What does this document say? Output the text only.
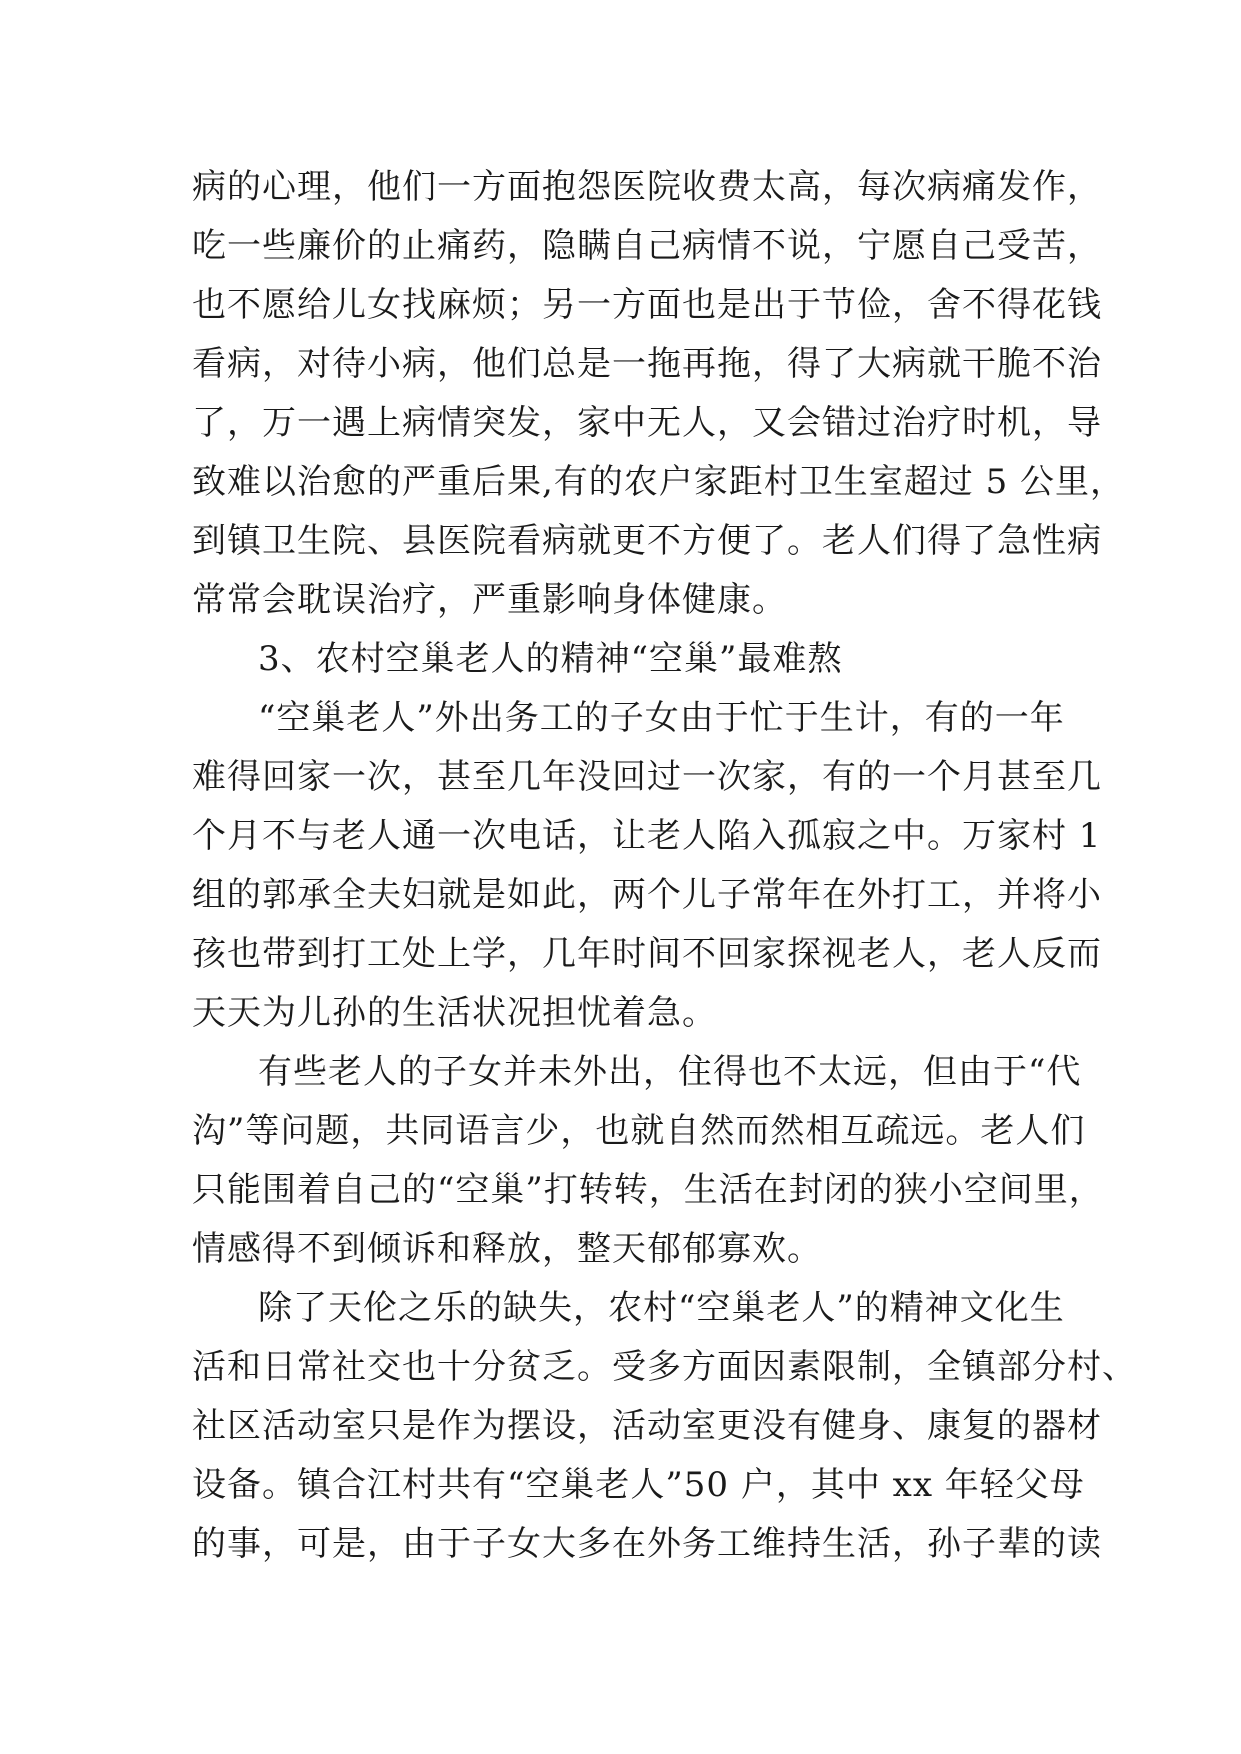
病的心理，他们一方面抱怨医院收费太高，每次病痛发作，
吃一些廉价的止痛药，隐瞒自己病情不说，宁愿自己受苦，
也不愿给儿女找麻烦；另一方面也是出于节俭，舍不得花钱
看病，对待小病，他们总是一拖再拖，得了大病就干脆不治
了，万一遇上病情突发，家中无人，又会错过治疗时机，导
致难以治愈的严重后果,有的农户家距村卫生室超过 5 公里，
到镇卫生院、县医院看病就更不方便了。老人们得了急性病
常常会耽误治疗，严重影响身体健康。
3、农村空巢老人的精神“空巢”最难熬
“空巢老人”外出务工的子女由于忙于生计，有的一年
难得回家一次，甚至几年没回过一次家，有的一个月甚至几
个月不与老人通一次电话，让老人陷入孤寂之中。万家村 1
组的郭承全夫妇就是如此，两个儿子常年在外打工，并将小
孩也带到打工处上学，几年时间不回家探视老人，老人反而
天天为儿孙的生活状况担忧着急。
有些老人的子女并未外出，住得也不太远，但由于“代
沟”等问题，共同语言少，也就自然而然相互疏远。老人们
只能围着自己的“空巢”打转转，生活在封闭的狭小空间里，
情感得不到倾诉和释放，整天郁郁寡欢。
除了天伦之乐的缺失，农村“空巢老人”的精神文化生
活和日常社交也十分贫乏。受多方面因素限制，全镇部分村、
社区活动室只是作为摆设，活动室更没有健身、康复的器材
设备。镇合江村共有“空巢老人”50 户，其中 xx 年轻父母
的事，可是，由于子女大多在外务工维持生活，孙子辈的读
